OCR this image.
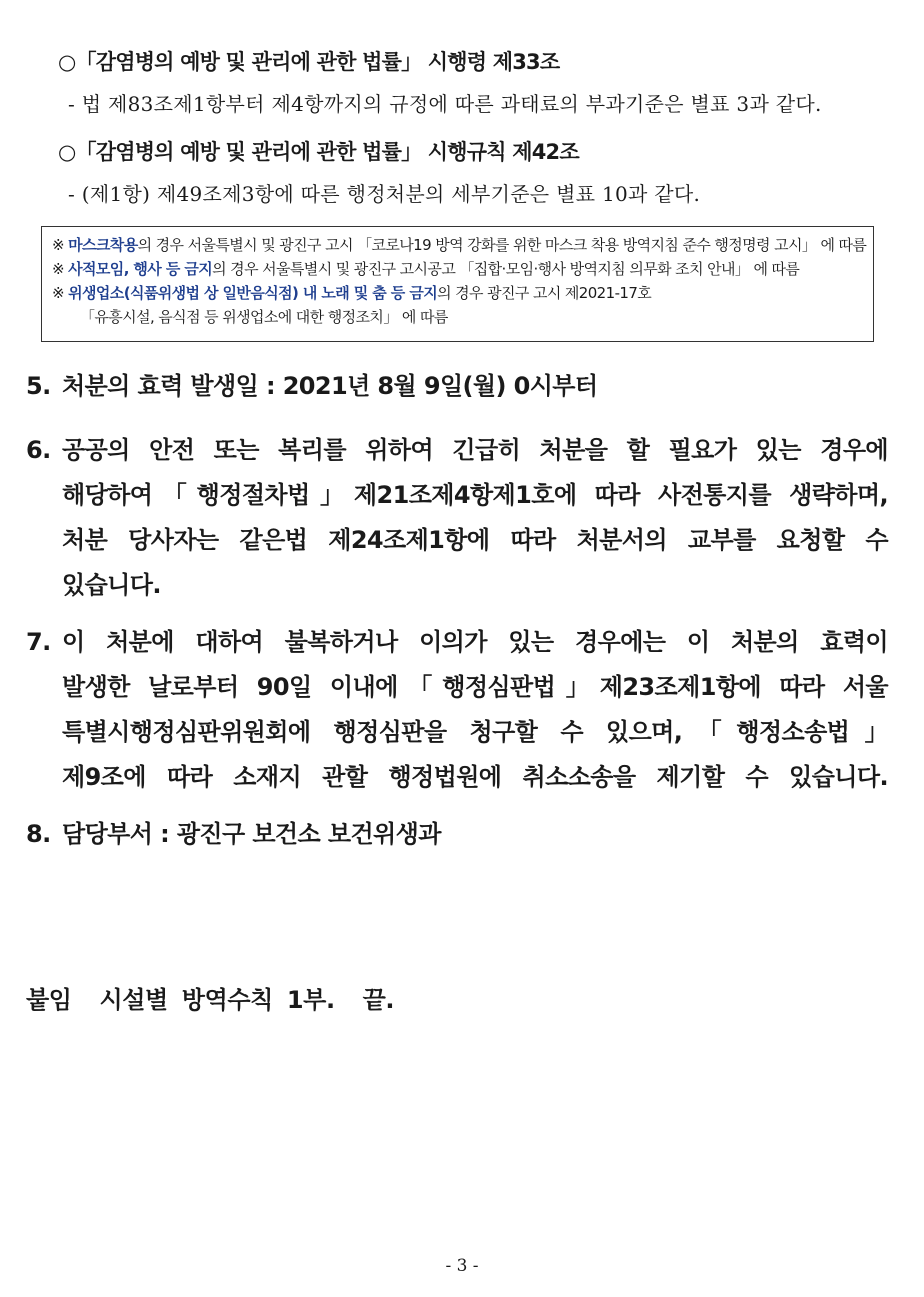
○「감염병의 예방 및 관리에 관한 법률」 시행령 제33조
- 법 제83조제1항부터 제4항까지의 규정에 따른 과태료의 부과기준은 별표 3과 같다.
○「감염병의 예방 및 관리에 관한 법률」 시행규칙 제42조
- (제1항) 제49조제3항에 따른 행정처분의 세부기준은 별표 10과 같다.
※ 마스크착용의 경우 서울특별시 및 광진구 고시 「코로나19 방역 강화를 위한 마스크 착용 방역지침 준수 행정명령 고시」 에 따름
※ 사적모임, 행사 등 금지의 경우 서울특별시 및 광진구 고시공고 「집합·모임·행사 방역지침 의무화 조치 안내」 에 따름
※ 위생업소(식품위생법 상 일반음식점) 내 노래 및 춤 등 금지의 경우 광진구 고시 제2021-17호
「유흥시설, 음식점 등 위생업소에 대한 행정조치」 에 따름
5. 처분의 효력 발생일 : 2021년 8월 9일(월) 0시부터
6. 공공의 안전 또는 복리를 위하여 긴급히 처분을 할 필요가 있는 경우에
해당하여「행정절차법」제21조제4항제1호에 따라 사전통지를 생략하며,
처분 당사자는 같은법 제24조제1항에 따라 처분서의 교부를 요청할 수
있습니다.
7. 이 처분에 대하여 불복하거나 이의가 있는 경우에는 이 처분의 효력이
발생한 날로부터 90일 이내에「행정심판법」제23조제1항에 따라 서울
특별시행정심판위원회에 행정심판을 청구할 수 있으며,「행정소송법」
제9조에 따라 소재지 관할 행정법원에 취소소송을 제기할 수 있습니다.
8. 담당부서 : 광진구 보건소 보건위생과
붙임  시설별 방역수칙 1부.  끝.
- 3 -
